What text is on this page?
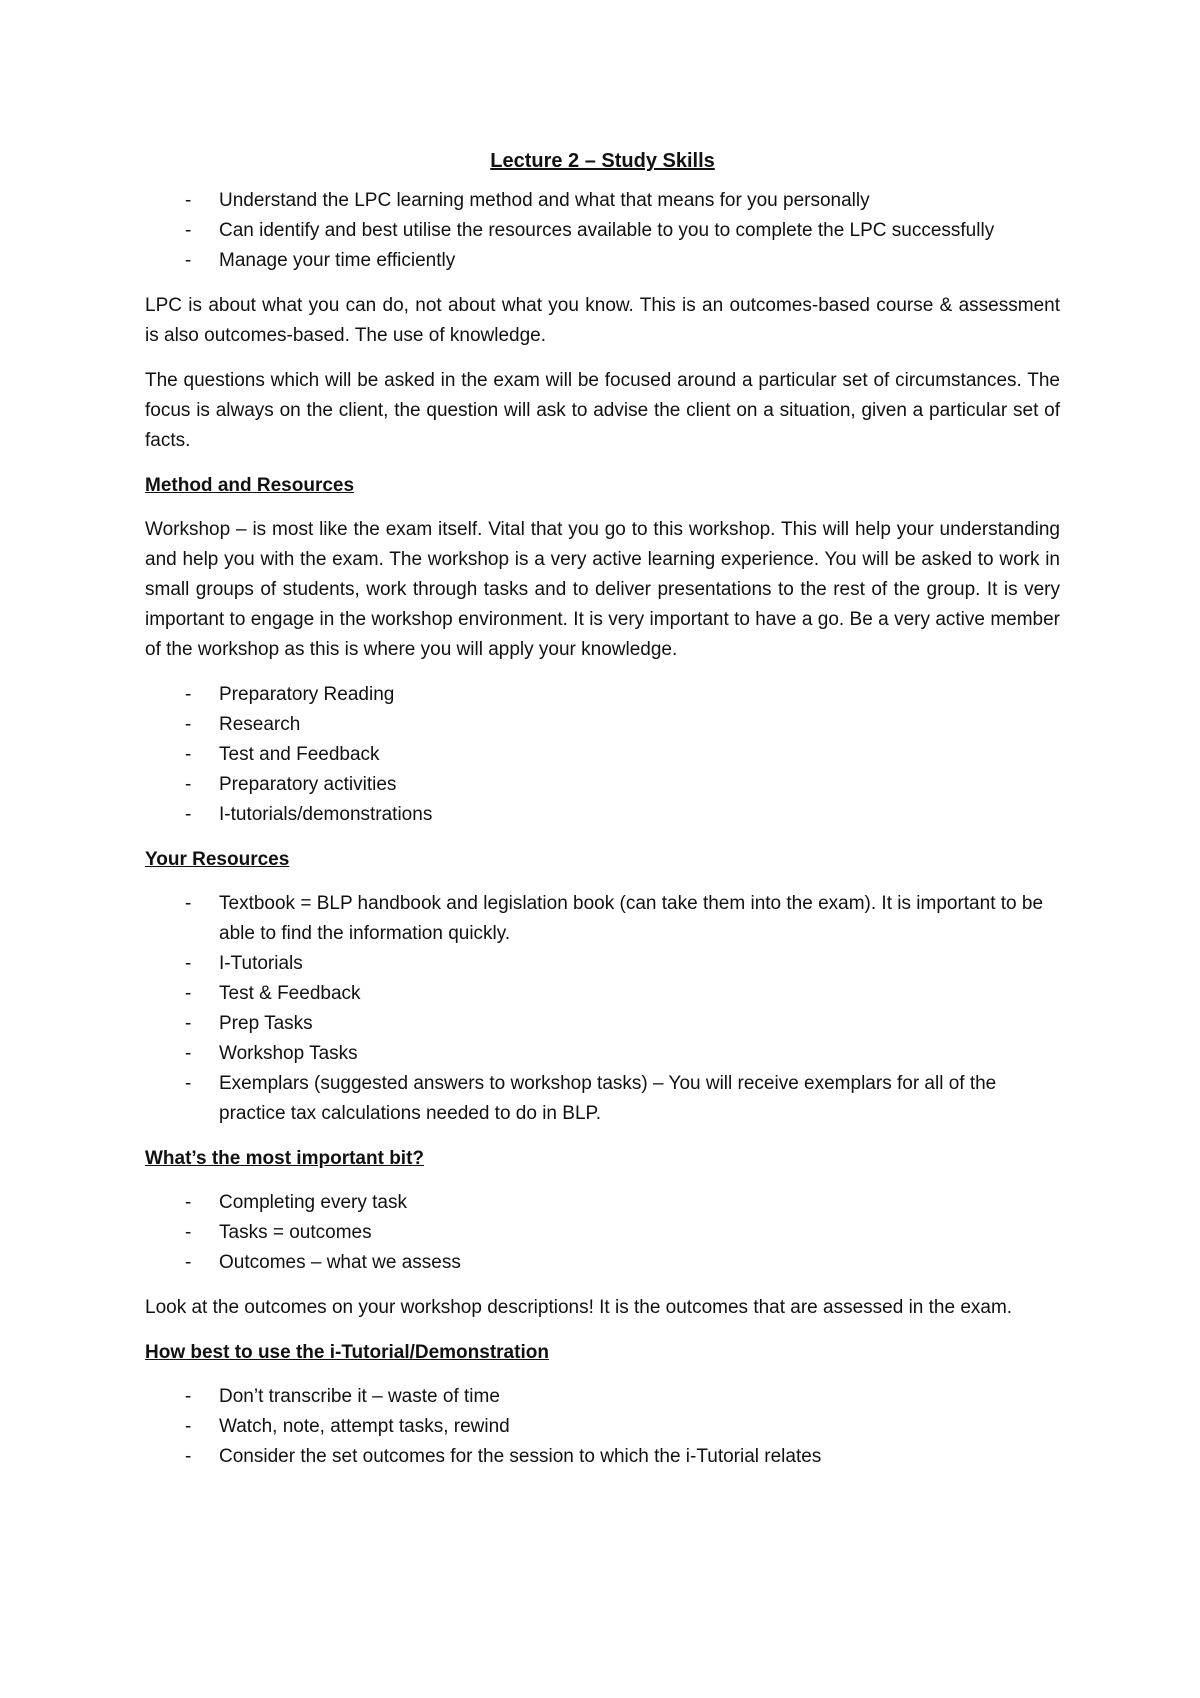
Lecture 2 – Study Skills
- Understand the LPC learning method and what that means for you personally
- Can identify and best utilise the resources available to you to complete the LPC successfully
- Manage your time efficiently

LPC is about what you can do, not about what you know. This is an outcomes-based course & assessment is also outcomes-based. The use of knowledge.

The questions which will be asked in the exam will be focused around a particular set of circumstances. The focus is always on the client, the question will ask to advise the client on a situation, given a particular set of facts.

Method and Resources

Workshop – is most like the exam itself. Vital that you go to this workshop. This will help your understanding and help you with the exam. The workshop is a very active learning experience. You will be asked to work in small groups of students, work through tasks and to deliver presentations to the rest of the group. It is very important to engage in the workshop environment. It is very important to have a go. Be a very active member of the workshop as this is where you will apply your knowledge.

- Preparatory Reading
- Research
- Test and Feedback
- Preparatory activities
- I-tutorials/demonstrations
Your Resources
- Textbook = BLP handbook and legislation book (can take them into the exam). It is important to be able to find the information quickly.
- I-Tutorials
- Test & Feedback
- Prep Tasks
- Workshop Tasks
- Exemplars (suggested answers to workshop tasks) – You will receive exemplars for all of the practice tax calculations needed to do in BLP.
What’s the most important bit?
- Completing every task
- Tasks = outcomes
- Outcomes – what we assess

Look at the outcomes on your workshop descriptions! It is the outcomes that are assessed in the exam.

How best to use the i-Tutorial/Demonstration
- Don’t transcribe it – waste of time
- Watch, note, attempt tasks, rewind
- Consider the set outcomes for the session to which the i-Tutorial relates
